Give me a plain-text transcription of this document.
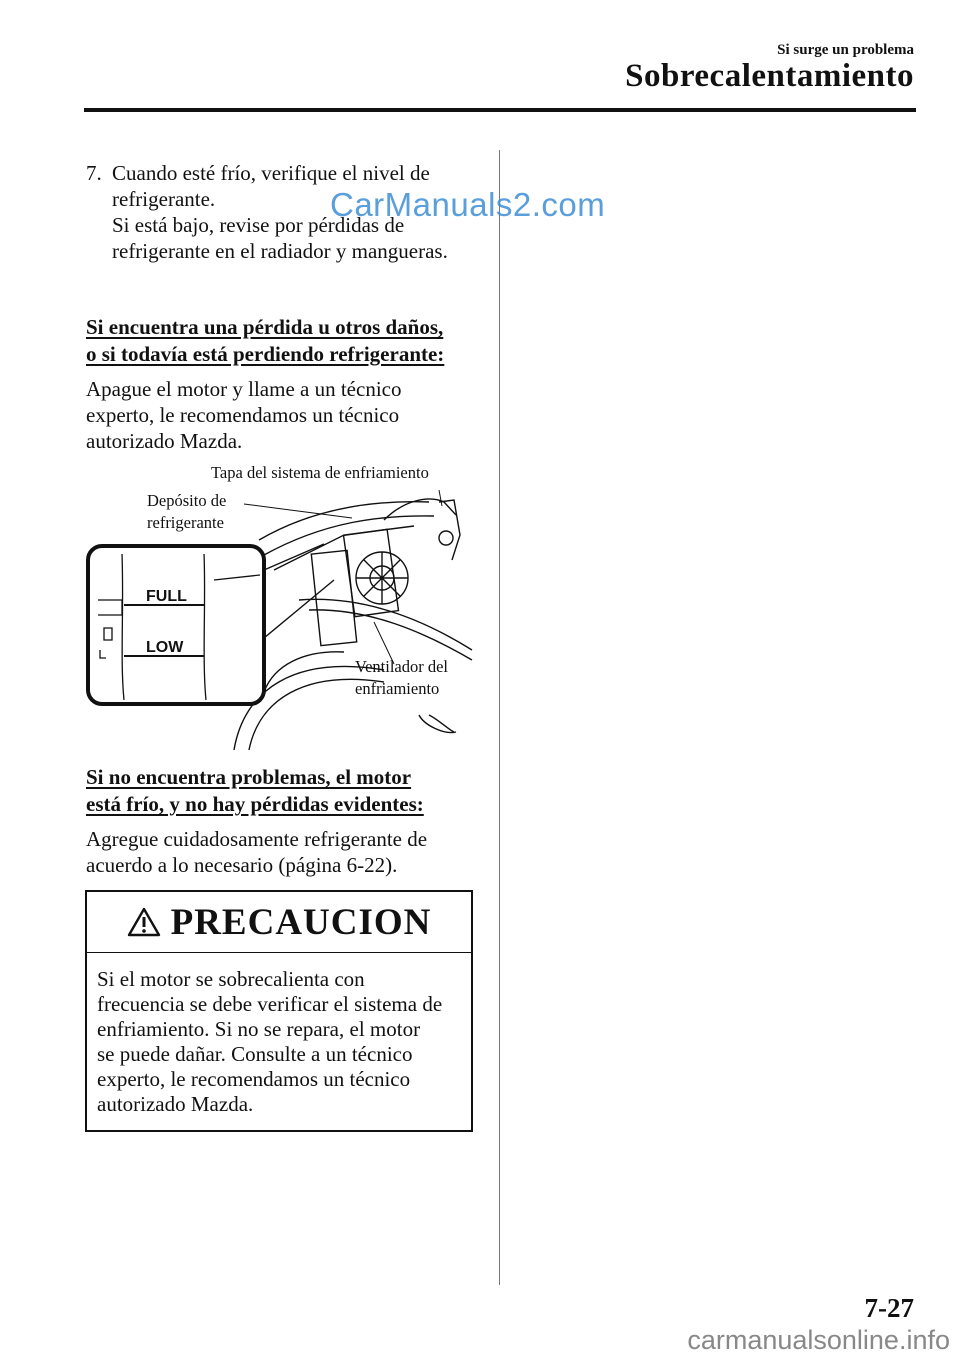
Si surge un problema
Sobrecalentamiento
7. Cuando esté frío, verifique el nivel de
refrigerante.
Si está bajo, revise por pérdidas de
refrigerante en el radiador y mangueras.
CarManuals2.com
Si encuentra una pérdida u otros daños,
o si todavía está perdiendo refrigerante:
Apague el motor y llame a un técnico
experto, le recomendamos un técnico
autorizado Mazda.
FULL
LOW
Tapa del sistema de enfriamiento
Depósito de
refrigerante
Ventilador del
enfriamiento
Si no encuentra problemas, el motor
está frío, y no hay pérdidas evidentes:
Agregue cuidadosamente refrigerante de
acuerdo a lo necesario (página 6-22).
PRECAUCION
Si el motor se sobrecalienta con
frecuencia se debe verificar el sistema de
enfriamiento. Si no se repara, el motor
se puede dañar. Consulte a un técnico
experto, le recomendamos un técnico
autorizado Mazda.
7-27
carmanualsonline.info
